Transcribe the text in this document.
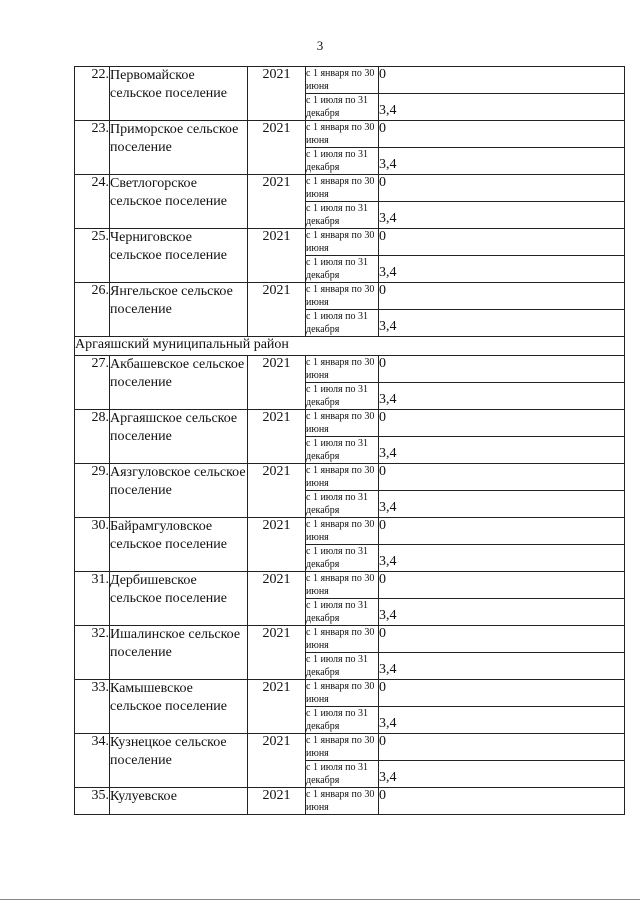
3
22.	Первомайское сельское поселение	2021	с 1 января по 30 июня	0
			с 1 июля по 31 декабря	3,4
23.	Приморское сельское поселение	2021	с 1 января по 30 июня	0
			с 1 июля по 31 декабря	3,4
24.	Светлогорское сельское поселение	2021	с 1 января по 30 июня	0
			с 1 июля по 31 декабря	3,4
25.	Черниговское сельское поселение	2021	с 1 января по 30 июня	0
			с 1 июля по 31 декабря	3,4
26.	Янгельское сельское поселение	2021	с 1 января по 30 июня	0
			с 1 июля по 31 декабря	3,4
Аргаяшский муниципальный район				
27.	Акбашевское сельское поселение	2021	с 1 января по 30 июня	0
			с 1 июля по 31 декабря	3,4
28.	Аргаяшское сельское поселение	2021	с 1 января по 30 июня	0
			с 1 июля по 31 декабря	3,4
29.	Аязгуловское сельское поселение	2021	с 1 января по 30 июня	0
			с 1 июля по 31 декабря	3,4
30.	Байрамгуловское сельское поселение	2021	с 1 января по 30 июня	0
			с 1 июля по 31 декабря	3,4
31.	Дербишевское сельское поселение	2021	с 1 января по 30 июня	0
			с 1 июля по 31 декабря	3,4
32.	Ишалинское сельское поселение	2021	с 1 января по 30 июня	0
			с 1 июля по 31 декабря	3,4
33.	Камышевское сельское поселение	2021	с 1 января по 30 июня	0
			с 1 июля по 31 декабря	3,4
34.	Кузнецкое сельское поселение	2021	с 1 января по 30 июня	0
			с 1 июля по 31 декабря	3,4
35.	Кулуевское	2021	с 1 января по 30 июня	0
